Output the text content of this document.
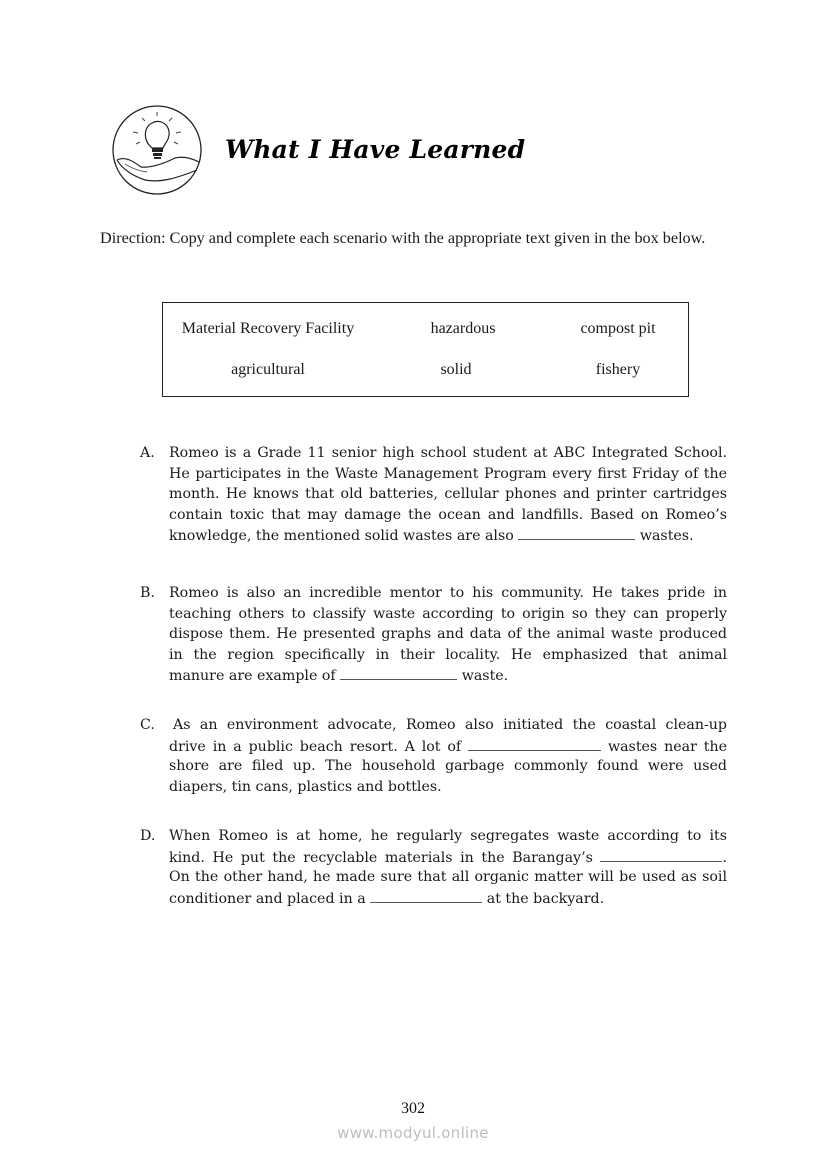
What I Have Learned
Direction: Copy and complete each scenario with the appropriate text given in the box below.
Material Recovery Facility	hazardous	compost pit
agricultural	solid	fishery
A. Romeo is a Grade 11 senior high school student at ABC Integrated School.
He participates in the Waste Management Program every first Friday of the
month. He knows that old batteries, cellular phones and printer cartridges
contain toxic that may damage the ocean and landfills. Based on Romeo’s
knowledge, the mentioned solid wastes are also	wastes.
B. Romeo is also an incredible mentor to his community. He takes pride in
teaching others to classify waste according to origin so they can properly
dispose them. He presented graphs and data of the animal waste produced
in the region specifically in their locality. He emphasized that animal
manure are example of	waste.
C. As an environment advocate, Romeo also initiated the coastal clean-up
drive in a public beach resort. A lot of	wastes near the
shore are filed up. The household garbage commonly found were used
diapers, tin cans, plastics and bottles.
D. When Romeo is at home, he regularly segregates waste according to its
kind. He put the recyclable materials in the Barangay’s	.
On the other hand, he made sure that all organic matter will be used as soil
conditioner and placed in a	at the backyard.
302
www.modyul.online
